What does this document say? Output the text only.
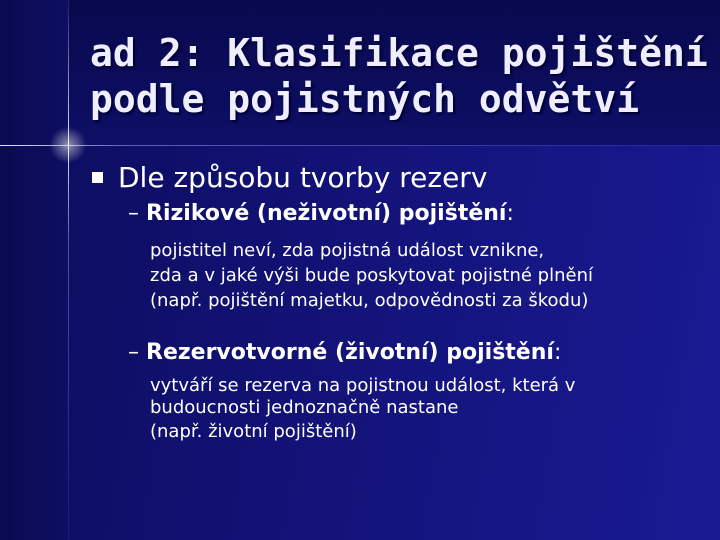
ad 2: Klasifikace pojištění
podle pojistných odvětví
Dle způsobu tvorby rezerv
– Rizikové (neživotní) pojištění:
pojistitel neví, zda pojistná událost vznikne,
zda a v jaké výši bude poskytovat pojistné plnění
(např. pojištění majetku, odpovědnosti za škodu)
– Rezervotvorné (životní) pojištění:
vytváří se rezerva na pojistnou událost, která v
budoucnosti jednoznačně nastane
(např. životní pojištění)
